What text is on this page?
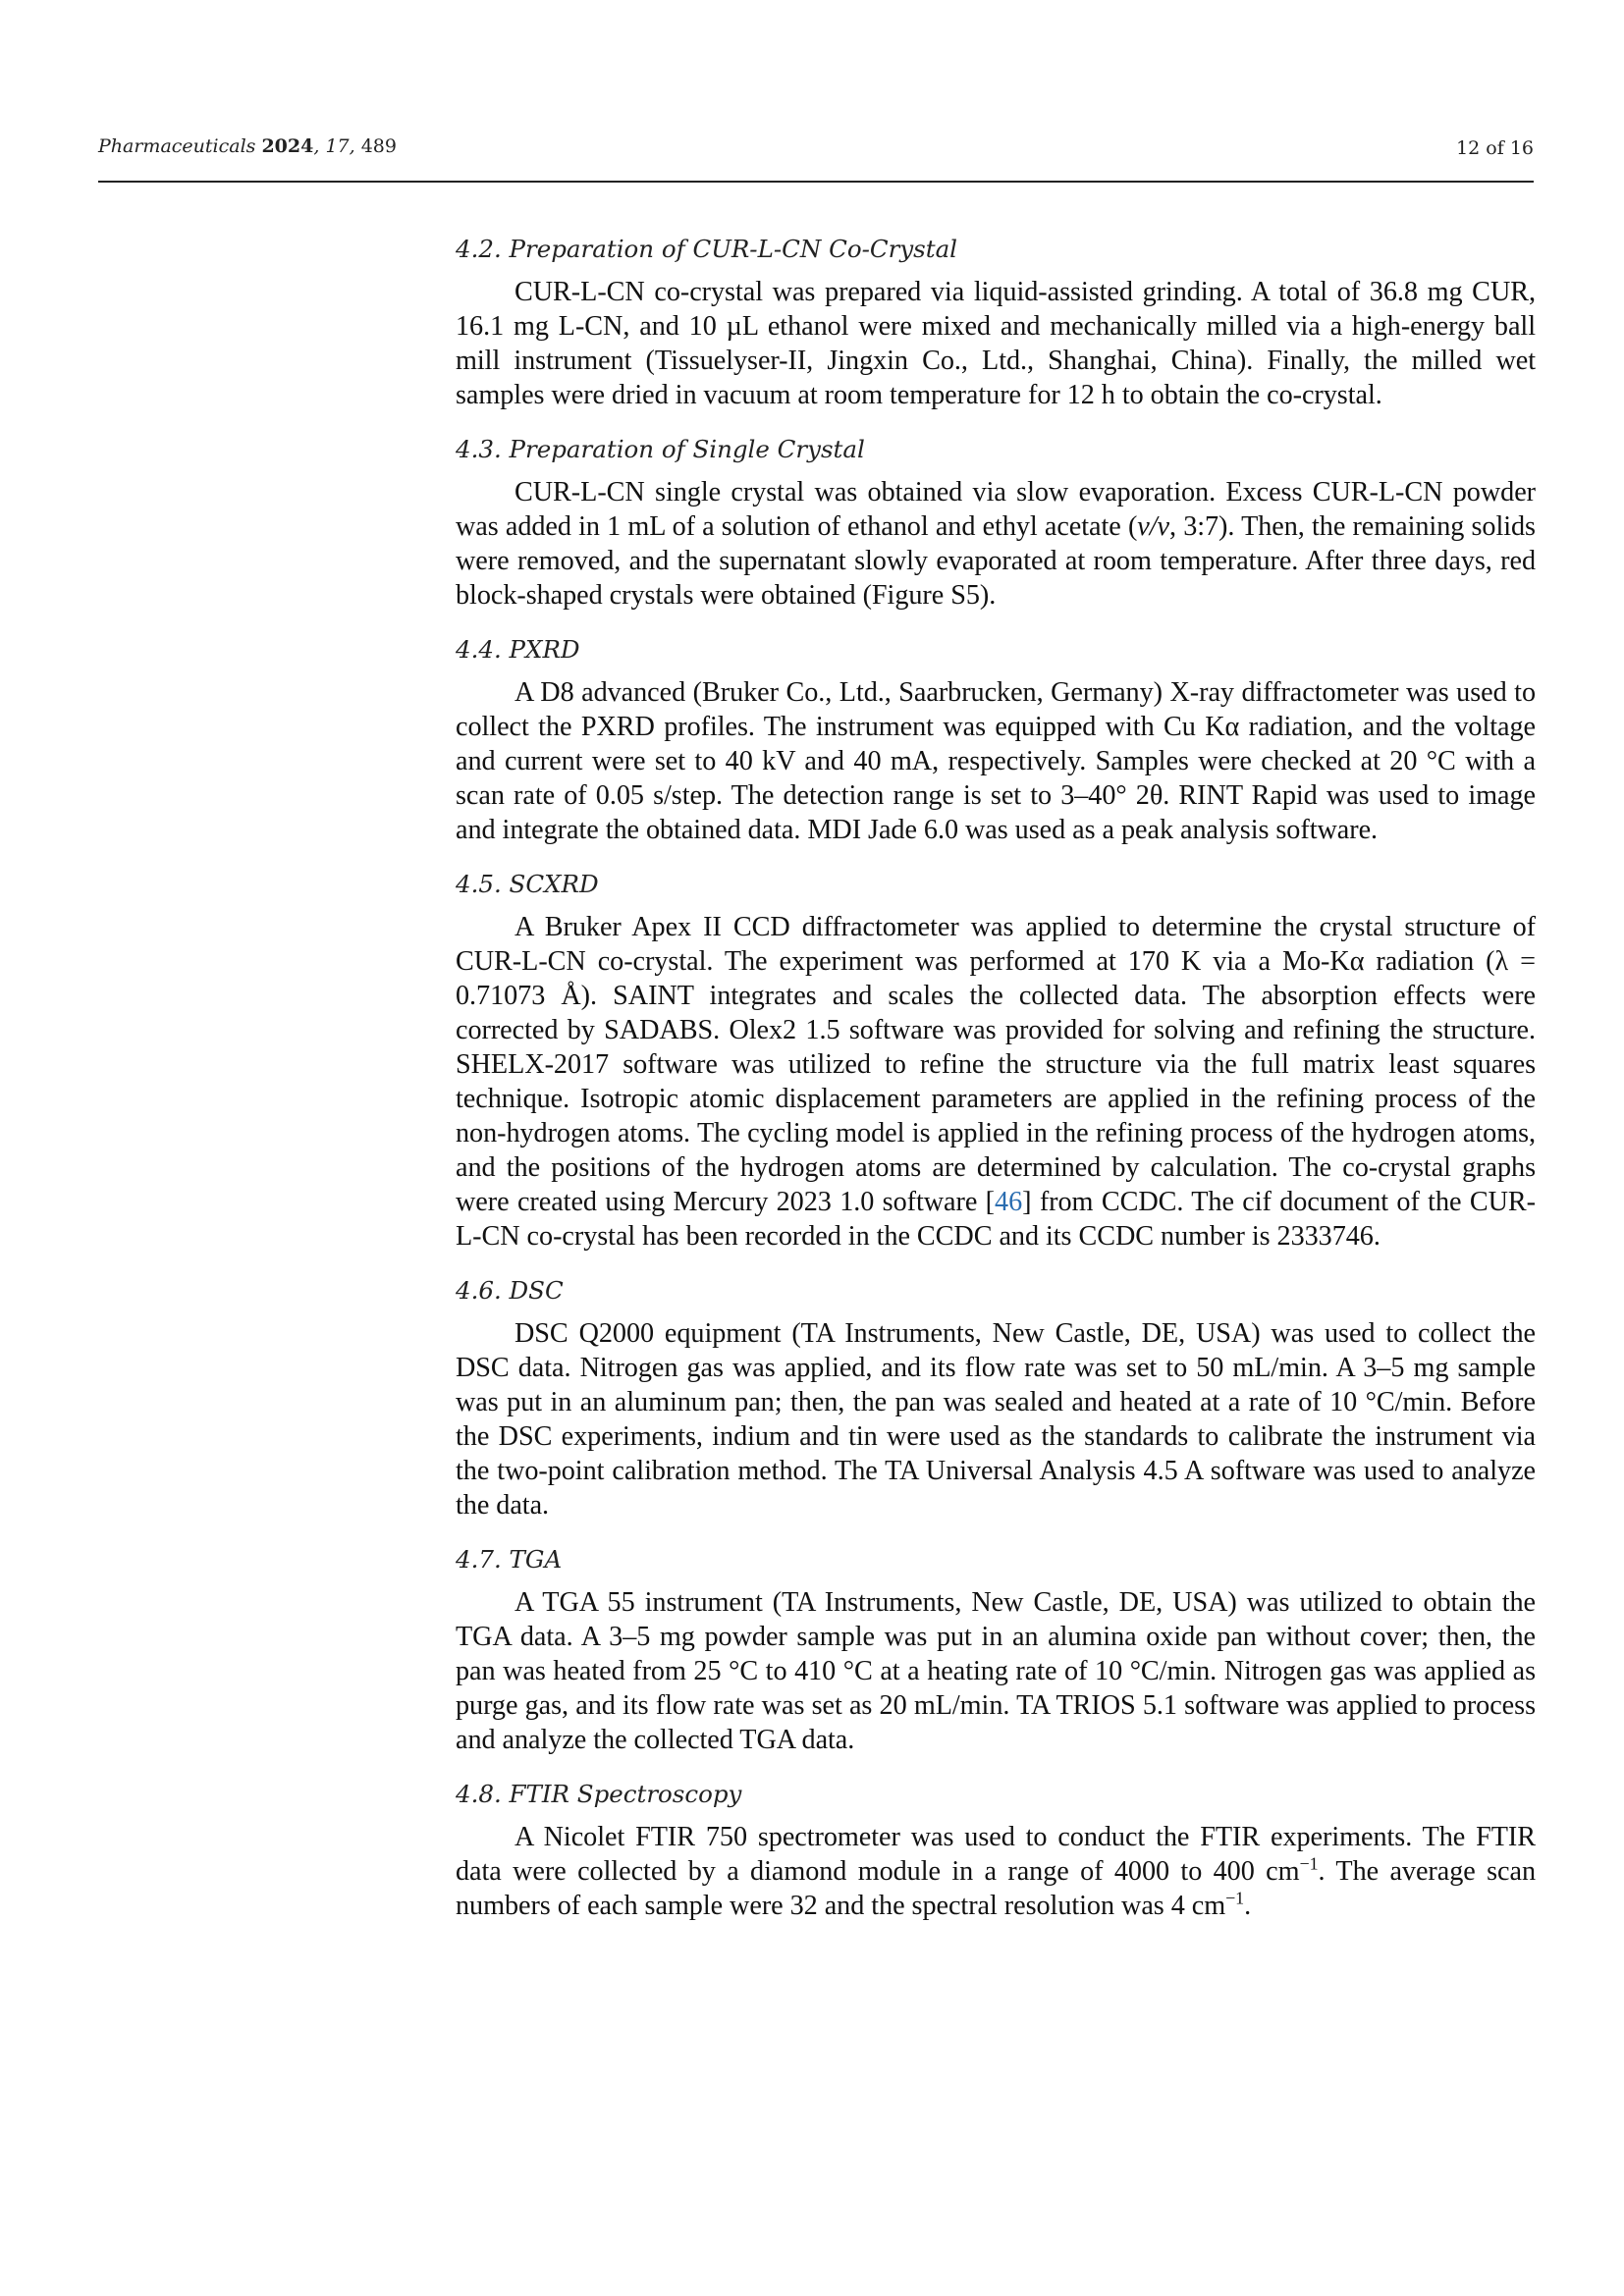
Pharmaceuticals 2024, 17, 489	12 of 16
4.2. Preparation of CUR-L-CN Co-Crystal

CUR-L-CN co-crystal was prepared via liquid-assisted grinding. A total of 36.8 mg CUR, 16.1 mg L-CN, and 10 µL ethanol were mixed and mechanically milled via a high-energy ball mill instrument (Tissuelyser-II, Jingxin Co., Ltd., Shanghai, China). Finally, the milled wet samples were dried in vacuum at room temperature for 12 h to obtain the co-crystal.

4.3. Preparation of Single Crystal

CUR-L-CN single crystal was obtained via slow evaporation. Excess CUR-L-CN powder was added in 1 mL of a solution of ethanol and ethyl acetate (v/v, 3:7). Then, the remaining solids were removed, and the supernatant slowly evaporated at room temperature. After three days, red block-shaped crystals were obtained (Figure S5).

4.4. PXRD

A D8 advanced (Bruker Co., Ltd., Saarbrucken, Germany) X-ray diffractometer was used to collect the PXRD profiles. The instrument was equipped with Cu Kα radiation, and the voltage and current were set to 40 kV and 40 mA, respectively. Samples were checked at 20 °C with a scan rate of 0.05 s/step. The detection range is set to 3–40° 2θ. RINT Rapid was used to image and integrate the obtained data. MDI Jade 6.0 was used as a peak analysis software.

4.5. SCXRD

A Bruker Apex II CCD diffractometer was applied to determine the crystal structure of CUR-L-CN co-crystal. The experiment was performed at 170 K via a Mo-Kα radiation (λ = 0.71073 Å). SAINT integrates and scales the collected data. The absorption effects were corrected by SADABS. Olex2 1.5 software was provided for solving and refining the structure. SHELX-2017 software was utilized to refine the structure via the full matrix least squares technique. Isotropic atomic displacement parameters are applied in the refining process of the non-hydrogen atoms. The cycling model is applied in the refining process of the hydrogen atoms, and the positions of the hydrogen atoms are determined by calculation. The co-crystal graphs were created using Mercury 2023 1.0 software [46] from CCDC. The cif document of the CUR-L-CN co-crystal has been recorded in the CCDC and its CCDC number is 2333746.

4.6. DSC

DSC Q2000 equipment (TA Instruments, New Castle, DE, USA) was used to collect the DSC data. Nitrogen gas was applied, and its flow rate was set to 50 mL/min. A 3–5 mg sample was put in an aluminum pan; then, the pan was sealed and heated at a rate of 10 °C/min. Before the DSC experiments, indium and tin were used as the standards to calibrate the instrument via the two-point calibration method. The TA Universal Analysis 4.5 A software was used to analyze the data.

4.7. TGA

A TGA 55 instrument (TA Instruments, New Castle, DE, USA) was utilized to obtain the TGA data. A 3–5 mg powder sample was put in an alumina oxide pan without cover; then, the pan was heated from 25 °C to 410 °C at a heating rate of 10 °C/min. Nitrogen gas was applied as purge gas, and its flow rate was set as 20 mL/min. TA TRIOS 5.1 software was applied to process and analyze the collected TGA data.

4.8. FTIR Spectroscopy

A Nicolet FTIR 750 spectrometer was used to conduct the FTIR experiments. The FTIR data were collected by a diamond module in a range of 4000 to 400 $cm^{-1}$. The average scan numbers of each sample were 32 and the spectral resolution was 4 $cm^{-1}$.
